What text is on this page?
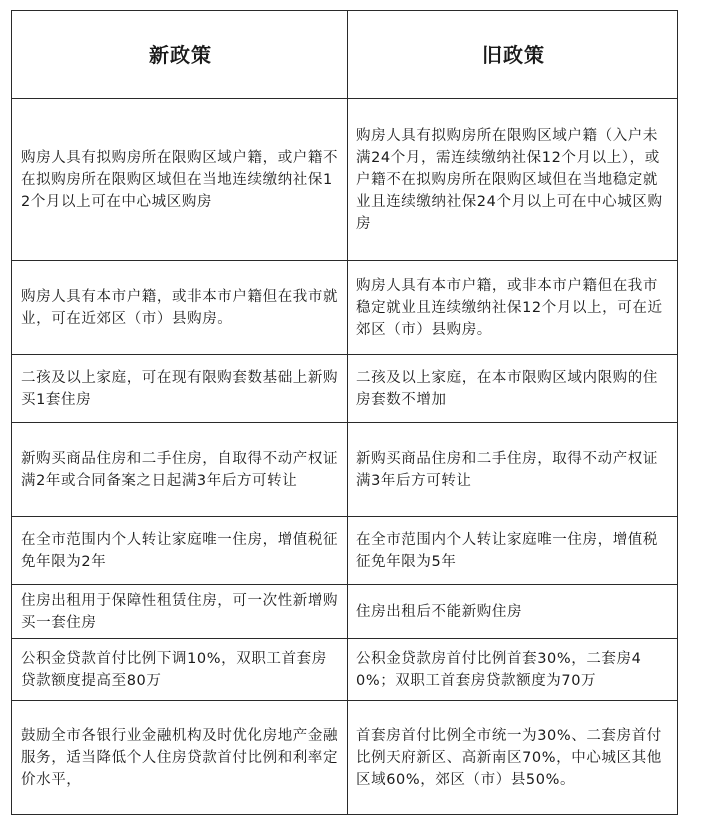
新政策	旧政策
购房人具有拟购房所在限购区域户籍，或户籍不在拟购房所在限购区域但在当地连续缴纳社保12个月以上可在中心城区购房	购房人具有拟购房所在限购区域户籍（入户未满24个月，需连续缴纳社保12个月以上），或户籍不在拟购房所在限购区域但在当地稳定就业且连续缴纳社保24个月以上可在中心城区购房
购房人具有本市户籍，或非本市户籍但在我市就业，可在近郊区（市）县购房。	购房人具有本市户籍，或非本市户籍但在我市稳定就业且连续缴纳社保12个月以上，可在近郊区（市）县购房。
二孩及以上家庭，可在现有限购套数基础上新购买1套住房	二孩及以上家庭，在本市限购区域内限购的住房套数不增加
新购买商品住房和二手住房，自取得不动产权证满2年或合同备案之日起满3年后方可转让	新购买商品住房和二手住房，取得不动产权证满3年后方可转让
在全市范围内个人转让家庭唯一住房，增值税征免年限为2年	在全市范围内个人转让家庭唯一住房，增值税征免年限为5年
住房出租用于保障性租赁住房，可一次性新增购买一套住房	住房出租后不能新购住房
公积金贷款首付比例下调10%，双职工首套房贷款额度提高至80万	公积金贷款房首付比例首套30%，二套房40%；双职工首套房贷款额度为70万
鼓励全市各银行业金融机构及时优化房地产金融服务，适当降低个人住房贷款首付比例和利率定价水平，	首套房首付比例全市统一为30%、二套房首付比例天府新区、高新南区70%，中心城区其他区域60%，郊区（市）县50%。
